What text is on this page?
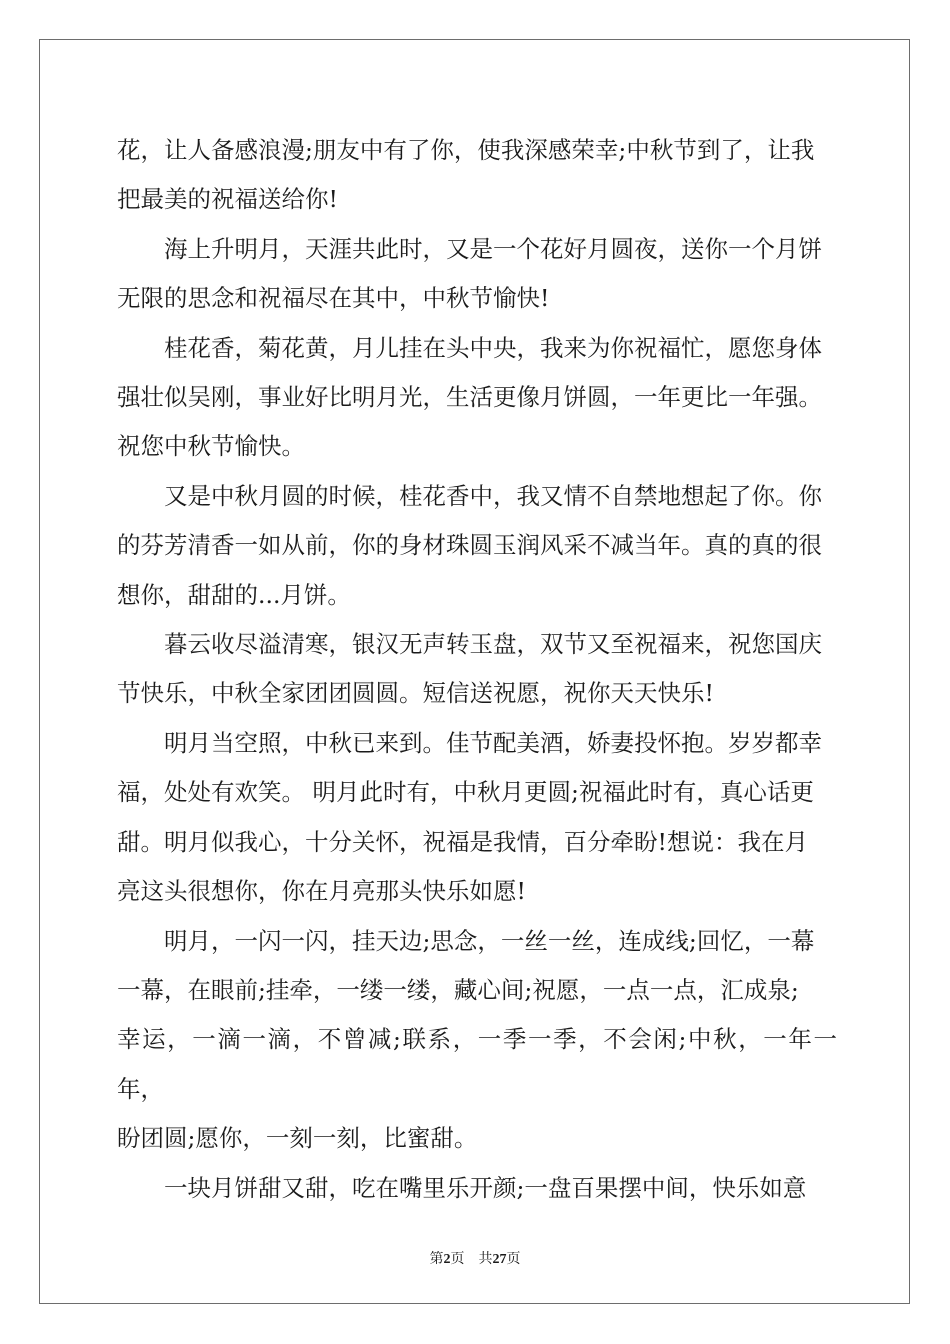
花，让人备感浪漫;朋友中有了你，使我深感荣幸;中秋节到了，让我
把最美的祝福送给你!

海上升明月，天涯共此时，又是一个花好月圆夜，送你一个月饼
无限的思念和祝福尽在其中，中秋节愉快!

桂花香，菊花黄，月儿挂在头中央，我来为你祝福忙，愿您身体
强壮似吴刚，事业好比明月光，生活更像月饼圆，一年更比一年强。
祝您中秋节愉快。

又是中秋月圆的时候，桂花香中，我又情不自禁地想起了你。你
的芬芳清香一如从前，你的身材珠圆玉润风采不减当年。真的真的很
想你，甜甜的...月饼。

暮云收尽溢清寒，银汉无声转玉盘，双节又至祝福来，祝您国庆
节快乐，中秋全家团团圆圆。短信送祝愿，祝你天天快乐!

明月当空照，中秋已来到。佳节配美酒，娇妻投怀抱。岁岁都幸
福，处处有欢笑。 明月此时有，中秋月更圆;祝福此时有，真心话更
甜。明月似我心，十分关怀，祝福是我情，百分牵盼!想说：我在月
亮这头很想你，你在月亮那头快乐如愿!

明月，一闪一闪，挂天边;思念，一丝一丝，连成线;回忆，一幕
一幕，在眼前;挂牵，一缕一缕，藏心间;祝愿，一点一点，汇成泉;
幸运，一滴一滴，不曾减;联系，一季一季，不会闲;中秋，一年一年，
盼团圆;愿你，一刻一刻，比蜜甜。

一块月饼甜又甜，吃在嘴里乐开颜;一盘百果摆中间，快乐如意

第2页 共27页
